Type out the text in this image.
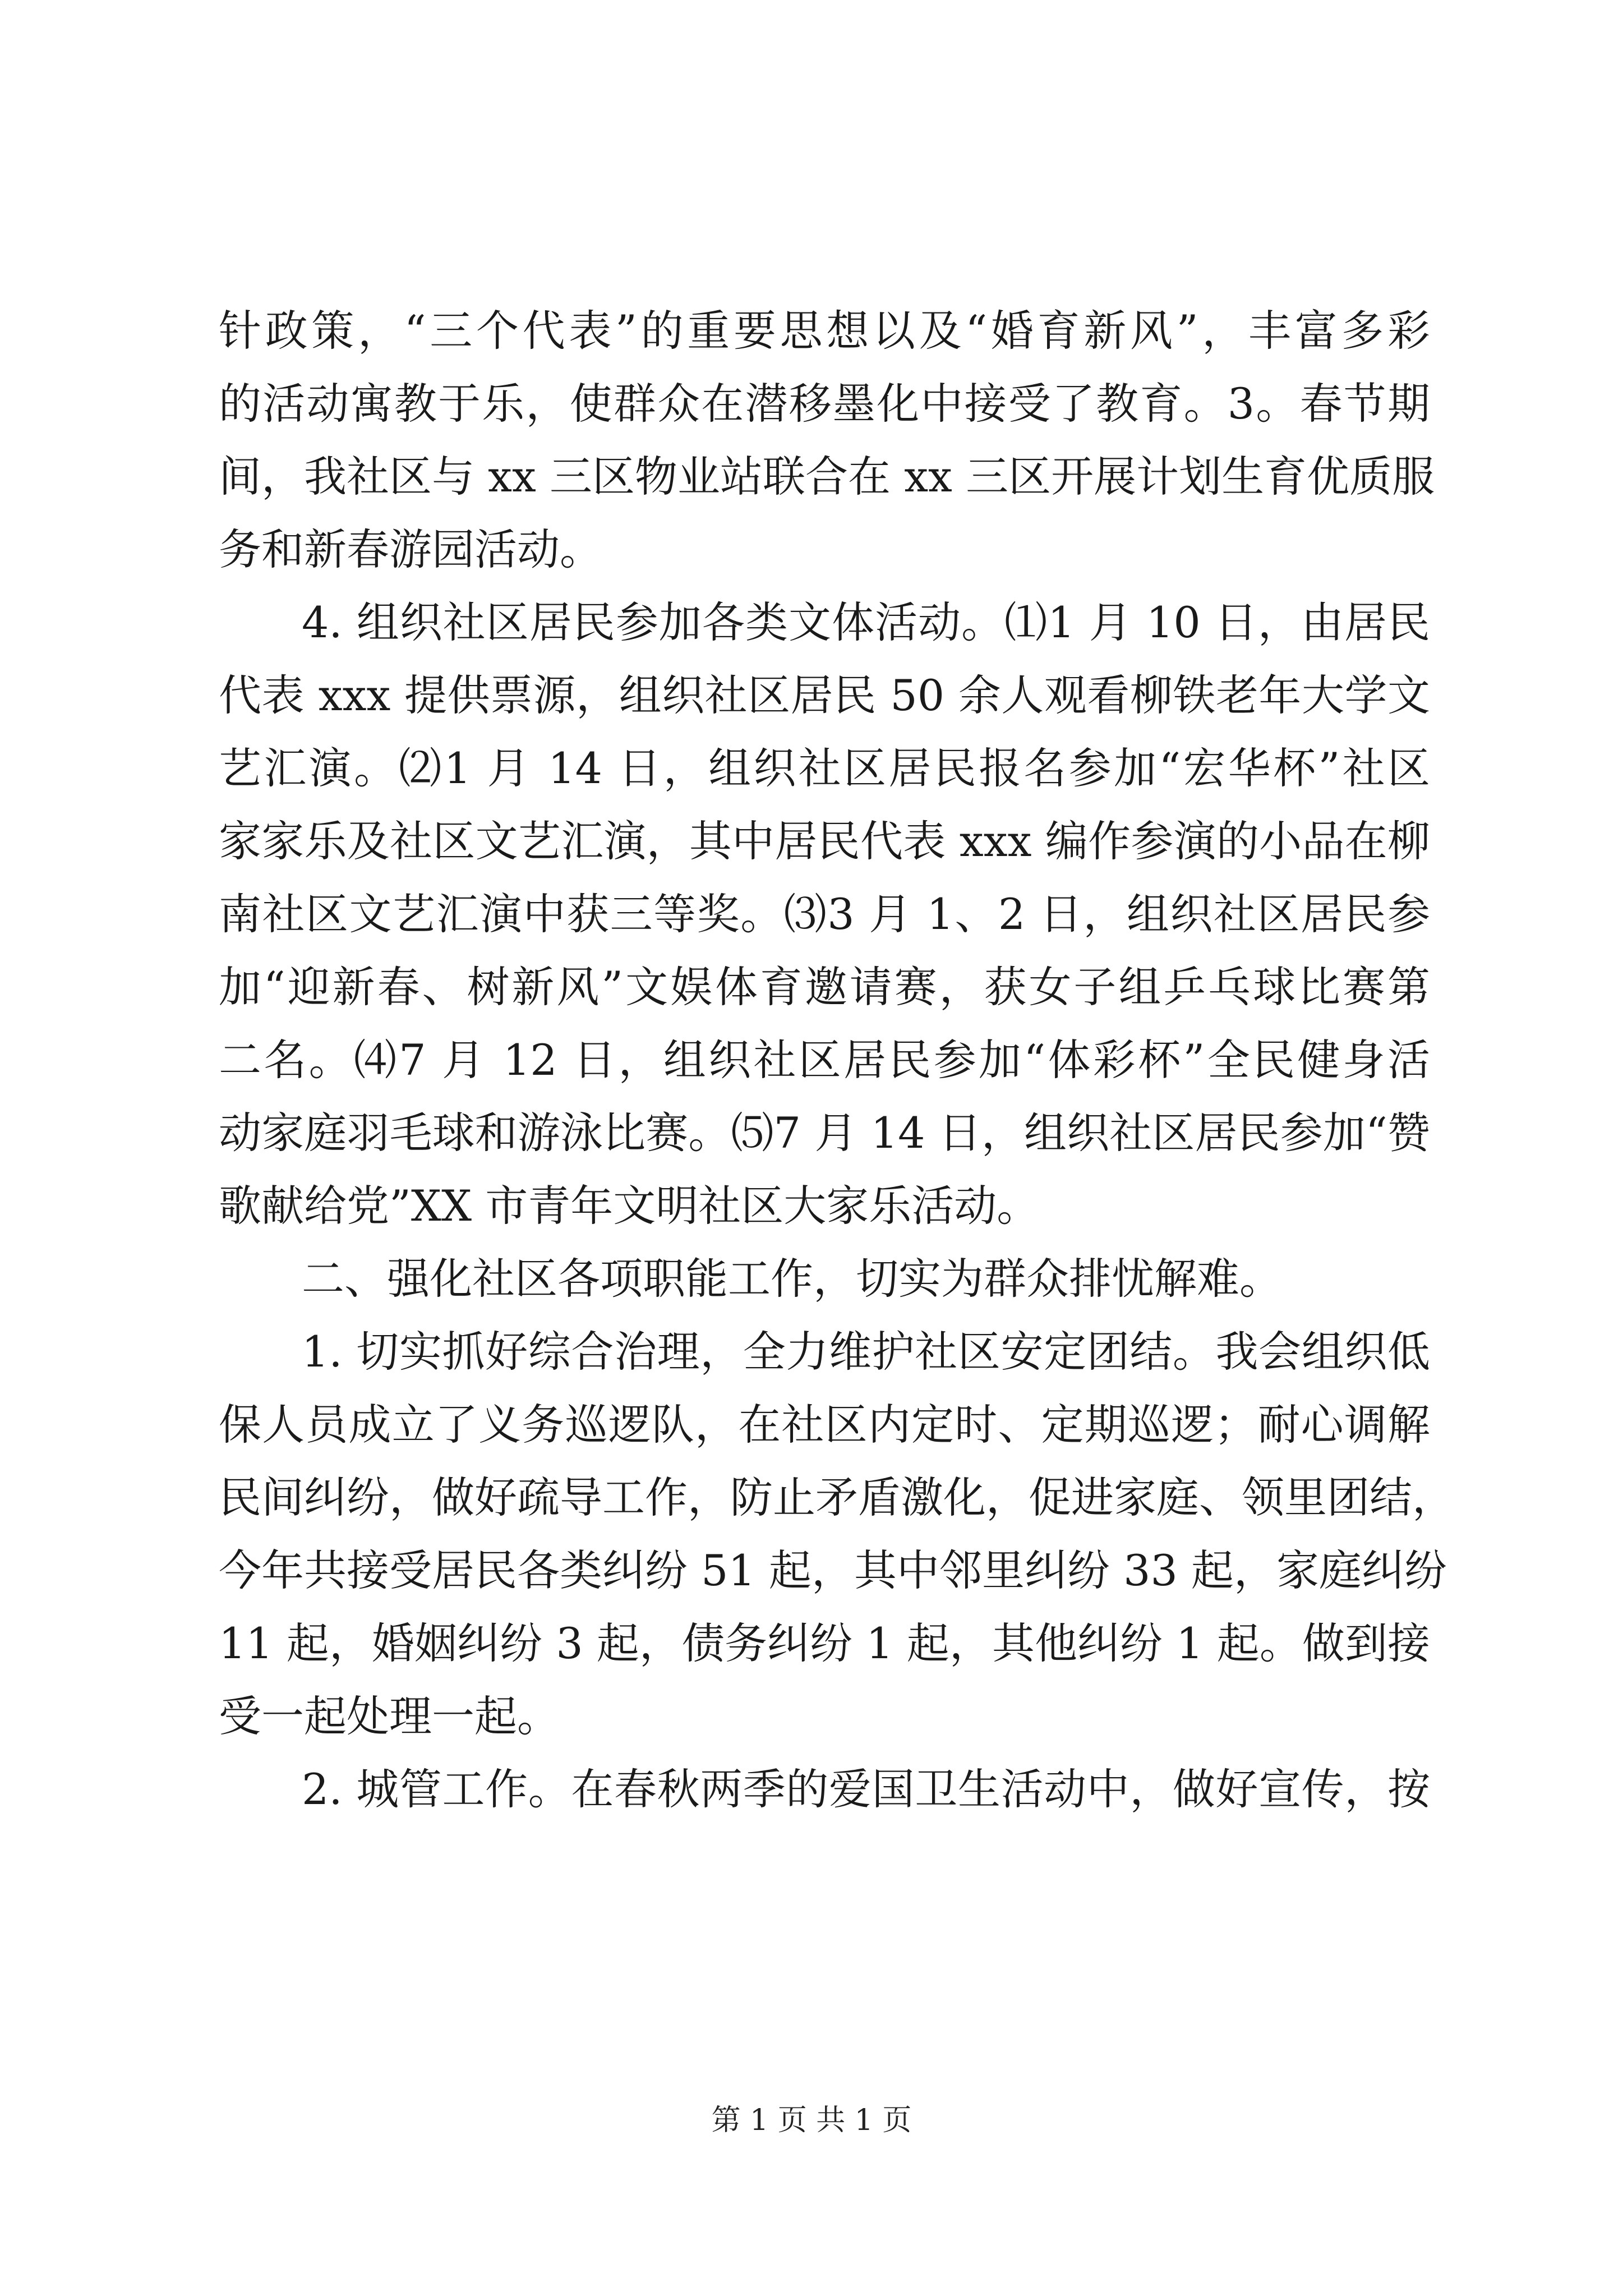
针政策，“三个代表”的重要思想以及“婚育新风”，丰富多彩
的活动寓教于乐，使群众在潜移墨化中接受了教育。3。春节期
间，我社区与 xx 三区物业站联合在 xx 三区开展计划生育优质服
务和新春游园活动。
4. 组织社区居民参加各类文体活动。⑴1 月 10 日，由居民
代表 xxx 提供票源，组织社区居民 50 余人观看柳铁老年大学文
艺汇演。⑵1 月 14 日，组织社区居民报名参加“宏华杯”社区
家家乐及社区文艺汇演，其中居民代表 xxx 编作参演的小品在柳
南社区文艺汇演中获三等奖。⑶3 月 1、2 日，组织社区居民参
加“迎新春、树新风”文娱体育邀请赛，获女子组乒乓球比赛第
二名。⑷7 月 12 日，组织社区居民参加“体彩杯”全民健身活
动家庭羽毛球和游泳比赛。⑸7 月 14 日，组织社区居民参加“赞
歌献给党”XX 市青年文明社区大家乐活动。
二、强化社区各项职能工作，切实为群众排忧解难。
1. 切实抓好综合治理，全力维护社区安定团结。我会组织低
保人员成立了义务巡逻队，在社区内定时、定期巡逻；耐心调解
民间纠纷，做好疏导工作，防止矛盾激化，促进家庭、领里团结，
今年共接受居民各类纠纷 51 起，其中邻里纠纷 33 起，家庭纠纷
11 起，婚姻纠纷 3 起，债务纠纷 1 起，其他纠纷 1 起。做到接
受一起处理一起。
2. 城管工作。在春秋两季的爱国卫生活动中，做好宣传，按
第 1 页 共 1 页
